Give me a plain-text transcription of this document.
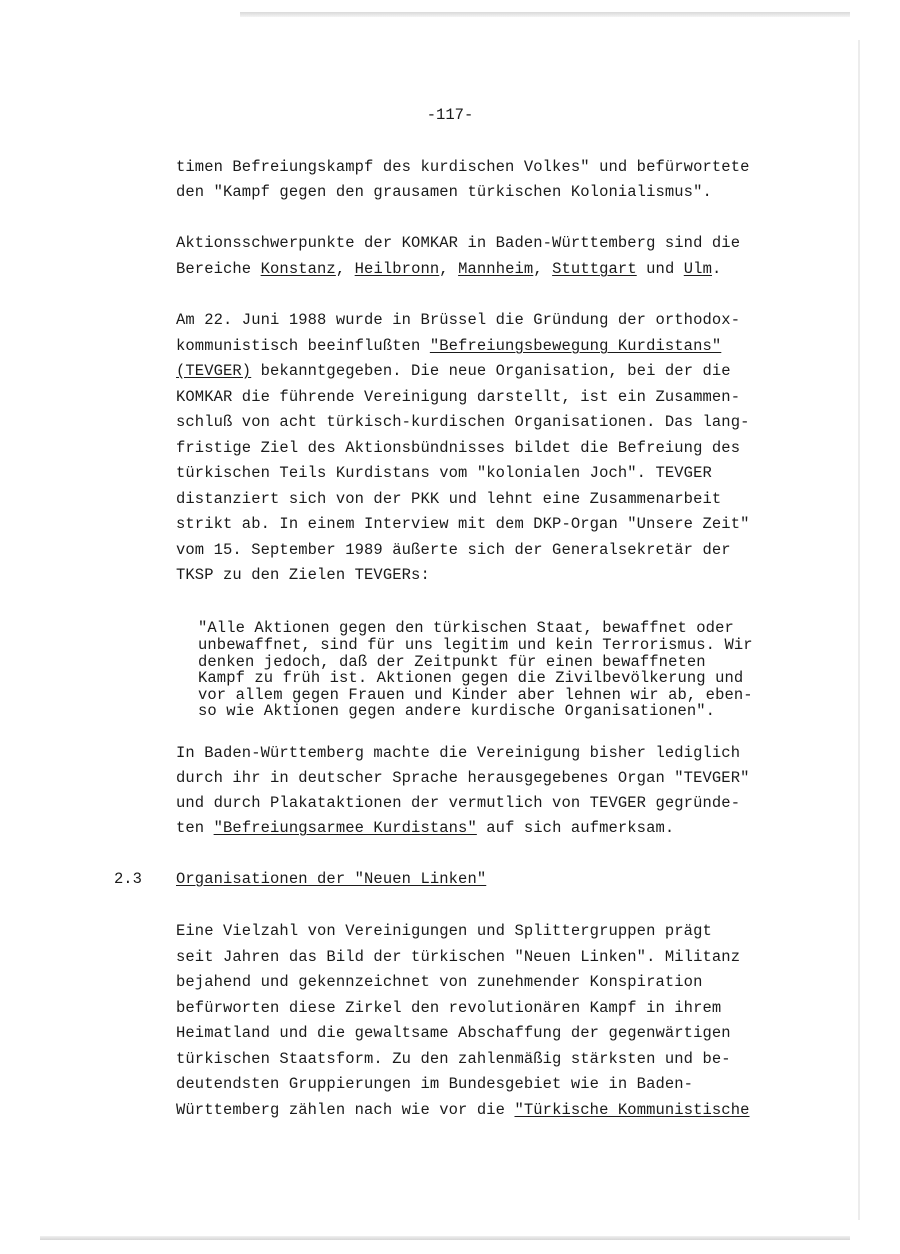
-117-
timen Befreiungskampf des kurdischen Volkes" und befürwortete
den "Kampf gegen den grausamen türkischen Kolonialismus".
Aktionsschwerpunkte der KOMKAR in Baden-Württemberg sind die
Bereiche Konstanz, Heilbronn, Mannheim, Stuttgart und Ulm.
Am 22. Juni 1988 wurde in Brüssel die Gründung der orthodox-
kommunistisch beeinflußten "Befreiungsbewegung Kurdistans"
(TEVGER) bekanntgegeben. Die neue Organisation, bei der die
KOMKAR die führende Vereinigung darstellt, ist ein Zusammen-
schluß von acht türkisch-kurdischen Organisationen. Das lang-
fristige Ziel des Aktionsbündnisses bildet die Befreiung des
türkischen Teils Kurdistans vom "kolonialen Joch". TEVGER
distanziert sich von der PKK und lehnt eine Zusammenarbeit
strikt ab. In einem Interview mit dem DKP-Organ "Unsere Zeit"
vom 15. September 1989 äußerte sich der Generalsekretär der
TKSP zu den Zielen TEVGERs:
"Alle Aktionen gegen den türkischen Staat, bewaffnet oder
unbewaffnet, sind für uns legitim und kein Terrorismus. Wir
denken jedoch, daß der Zeitpunkt für einen bewaffneten
Kampf zu früh ist. Aktionen gegen die Zivilbevölkerung und
vor allem gegen Frauen und Kinder aber lehnen wir ab, eben-
so wie Aktionen gegen andere kurdische Organisationen".
In Baden-Württemberg machte die Vereinigung bisher lediglich
durch ihr in deutscher Sprache herausgegebenes Organ "TEVGER"
und durch Plakataktionen der vermutlich von TEVGER gegründe-
ten "Befreiungsarmee Kurdistans" auf sich aufmerksam.
2.3 Organisationen der "Neuen Linken"
Eine Vielzahl von Vereinigungen und Splittergruppen prägt
seit Jahren das Bild der türkischen "Neuen Linken". Militanz
bejahend und gekennzeichnet von zunehmender Konspiration
befürworten diese Zirkel den revolutionären Kampf in ihrem
Heimatland und die gewaltsame Abschaffung der gegenwärtigen
türkischen Staatsform. Zu den zahlenmäßig stärksten und be-
deutendsten Gruppierungen im Bundesgebiet wie in Baden-
Württemberg zählen nach wie vor die "Türkische Kommunistische
